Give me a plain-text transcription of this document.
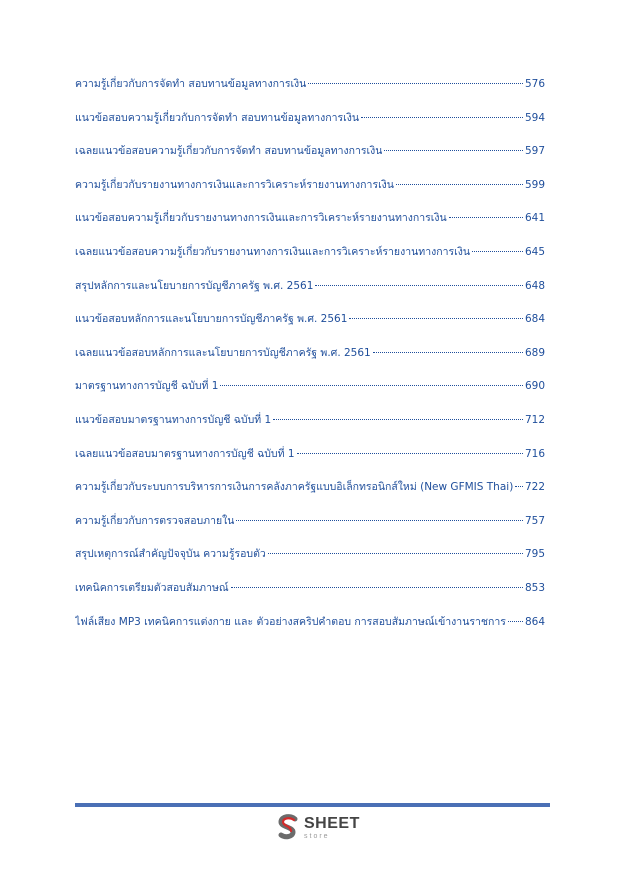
ความรู้เกี่ยวกับการจัดทำ สอบทานข้อมูลทางการเงิน	576
แนวข้อสอบความรู้เกี่ยวกับการจัดทำ สอบทานข้อมูลทางการเงิน	594
เฉลยแนวข้อสอบความรู้เกี่ยวกับการจัดทำ สอบทานข้อมูลทางการเงิน	597
ความรู้เกี่ยวกับรายงานทางการเงินและการวิเคราะห์รายงานทางการเงิน	599
แนวข้อสอบความรู้เกี่ยวกับรายงานทางการเงินและการวิเคราะห์รายงานทางการเงิน	641
เฉลยแนวข้อสอบความรู้เกี่ยวกับรายงานทางการเงินและการวิเคราะห์รายงานทางการเงิน	645
สรุปหลักการและนโยบายการบัญชีภาครัฐ พ.ศ. 2561	648
แนวข้อสอบหลักการและนโยบายการบัญชีภาครัฐ พ.ศ. 2561	684
เฉลยแนวข้อสอบหลักการและนโยบายการบัญชีภาครัฐ พ.ศ. 2561	689
มาตรฐานทางการบัญชี ฉบับที่ 1	690
แนวข้อสอบมาตรฐานทางการบัญชี ฉบับที่ 1	712
เฉลยแนวข้อสอบมาตรฐานทางการบัญชี ฉบับที่ 1	716
ความรู้เกี่ยวกับระบบการบริหารการเงินการคลังภาครัฐแบบอิเล็กทรอนิกส์ใหม่ (New GFMIS Thai) 722
ความรู้เกี่ยวกับการตรวจสอบภายใน	757
สรุปเหตุการณ์สำคัญปัจจุบัน ความรู้รอบตัว	795
เทคนิคการเตรียมตัวสอบสัมภาษณ์	853
ไฟล์เสียง MP3 เทคนิคการแต่งกาย และ ตัวอย่างสคริปคำตอบ การสอบสัมภาษณ์เข้างานราชการ 864
SHEET
store
